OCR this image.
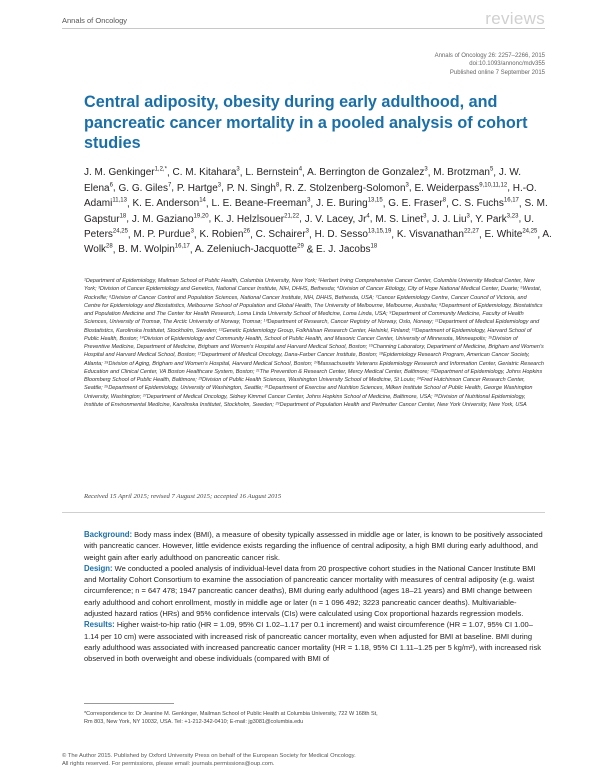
Annals of Oncology	reviews
Annals of Oncology 26: 2257–2266, 2015
doi:10.1093/annonc/mdv355
Published online 7 September 2015
Central adiposity, obesity during early adulthood, and pancreatic cancer mortality in a pooled analysis of cohort studies
J. M. Genkinger$^{1,2,*}$, C. M. Kitahara$^3$, L. Bernstein$^4$, A. Berrington de Gonzalez$^3$, M. Brotzman$^5$, J. W. Elena$^6$, G. G. Giles$^7$, P. Hartge$^3$, P. N. Singh$^8$, R. Z. Stolzenberg-Solomon$^3$, E. Weiderpass$^{9,10,11,12}$, H.-O. Adami$^{11,13}$, K. E. Anderson$^{14}$, L. E. Beane-Freeman$^3$, J. E. Buring$^{13,15}$, G. E. Fraser$^8$, C. S. Fuchs$^{16,17}$, S. M. Gapstur$^{18}$, J. M. Gaziano$^{19,20}$, K. J. Helzlsouer$^{21,22}$, J. V. Lacey, Jr$^4$, M. S. Linet$^3$, J. J. Liu$^3$, Y. Park$^{3,23}$, U. Peters$^{24,25}$, M. P. Purdue$^3$, K. Robien$^{26}$, C. Schairer$^3$, H. D. Sesso$^{13,15,19}$, K. Visvanathan$^{22,27}$, E. White$^{24,25}$, A. Wolk$^{28}$, B. M. Wolpin$^{16,17}$, A. Zeleniuch-Jacquotte$^{29}$ & E. J. Jacobs$^{18}$
¹Department of Epidemiology, Mailman School of Public Health, Columbia University, New York; ²Herbert Irving Comprehensive Cancer Center, Columbia University Medical Center, New York; ³Division of Cancer Epidemiology and Genetics, National Cancer Institute, NIH, DHHS, Bethesda; ⁴Division of Cancer Etiology, City of Hope National Medical Center, Duarte; ⁵Westat, Rockville; ⁶Division of Cancer Control and Population Sciences, National Cancer Institute, NIH, DHHS, Bethesda, USA; ⁷Cancer Epidemiology Centre, Cancer Council of Victoria, and Centre for Epidemiology and Biostatistics, Melbourne School of Population and Global Health, The University of Melbourne, Melbourne, Australia; ⁸Department of Epidemiology, Biostatistics and Population Medicine and The Center for Health Research, Loma Linda University School of Medicine, Loma Linda, USA; ⁹Department of Community Medicine, Faculty of Health Sciences, University of Tromsø, The Arctic University of Norway, Tromsø; ¹⁰Department of Research, Cancer Registry of Norway, Oslo, Norway; ¹¹Department of Medical Epidemiology and Biostatistics, Karolinska Institutet, Stockholm, Sweden; ¹²Genetic Epidemiology Group, Folkhälsan Research Center, Helsinki, Finland; ¹³Department of Epidemiology, Harvard School of Public Health, Boston; ¹⁴Division of Epidemiology and Community Health, School of Public Health, and Masonic Cancer Center, University of Minnesota, Minneapolis; ¹⁵Division of Preventive Medicine, Department of Medicine, Brigham and Women's Hospital and Harvard Medical School, Boston; ¹⁶Channing Laboratory, Department of Medicine, Brigham and Women's Hospital and Harvard Medical School, Boston; ¹⁷Department of Medical Oncology, Dana-Farber Cancer Institute, Boston; ¹⁸Epidemiology Research Program, American Cancer Society, Atlanta; ¹⁹Division of Aging, Brigham and Women's Hospital, Harvard Medical School, Boston; ²⁰Massachusetts Veterans Epidemiology Research and Information Center, Geriatric Research Education and Clinical Center, VA Boston Healthcare System, Boston; ²¹The Prevention & Research Center, Mercy Medical Center, Baltimore; ²²Department of Epidemiology, Johns Hopkins Bloomberg School of Public Health, Baltimore; ²³Division of Public Health Sciences, Washington University School of Medicine, St Louis; ²⁴Fred Hutchinson Cancer Research Center, Seattle; ²⁵Department of Epidemiology, University of Washington, Seattle; ²⁶Department of Exercise and Nutrition Sciences, Milken Institute School of Public Health, George Washington University, Washington; ²⁷Department of Medical Oncology, Sidney Kimmel Cancer Center, Johns Hopkins School of Medicine, Baltimore, USA; ²⁸Division of Nutritional Epidemiology, Institute of Environmental Medicine, Karolinska Institutet, Stockholm, Sweden; ²⁹Department of Population Health and Perlmutter Cancer Center, New York University, New York, USA
Received 15 April 2015; revised 7 August 2015; accepted 16 August 2015

Background: Body mass index (BMI), a measure of obesity typically assessed in middle age or later, is known to be positively associated with pancreatic cancer. However, little evidence exists regarding the influence of central adiposity, a high BMI during early adulthood, and weight gain after early adulthood on pancreatic cancer risk.

Design: We conducted a pooled analysis of individual-level data from 20 prospective cohort studies in the National Cancer Institute BMI and Mortality Cohort Consortium to examine the association of pancreatic cancer mortality with measures of central adiposity (e.g. waist circumference; n = 647 478; 1947 pancreatic cancer deaths), BMI during early adulthood (ages 18–21 years) and BMI change between early adulthood and cohort enrollment, mostly in middle age or later (n = 1 096 492; 3223 pancreatic cancer deaths). Multivariable-adjusted hazard ratios (HRs) and 95% confidence intervals (CIs) were calculated using Cox proportional hazards regression models.

Results: Higher waist-to-hip ratio (HR = 1.09, 95% CI 1.02–1.17 per 0.1 increment) and waist circumference (HR = 1.07, 95% CI 1.00–1.14 per 10 cm) were associated with increased risk of pancreatic cancer mortality, even when adjusted for BMI at baseline. BMI during early adulthood was associated with increased pancreatic cancer mortality (HR = 1.18, 95% CI 1.11–1.25 per 5 kg/m²), with increased risk observed in both overweight and obese individuals (compared with BMI of

*Correspondence to: Dr Jeanine M. Genkinger, Mailman School of Public Health at Columbia University, 722 W 168th St, Rm 803, New York, NY 10032, USA. Tel: +1-212-342-0410; E-mail: jg3081@columbia.edu
© The Author 2015. Published by Oxford University Press on behalf of the European Society for Medical Oncology.
All rights reserved. For permissions, please email: journals.permissions@oup.com.
